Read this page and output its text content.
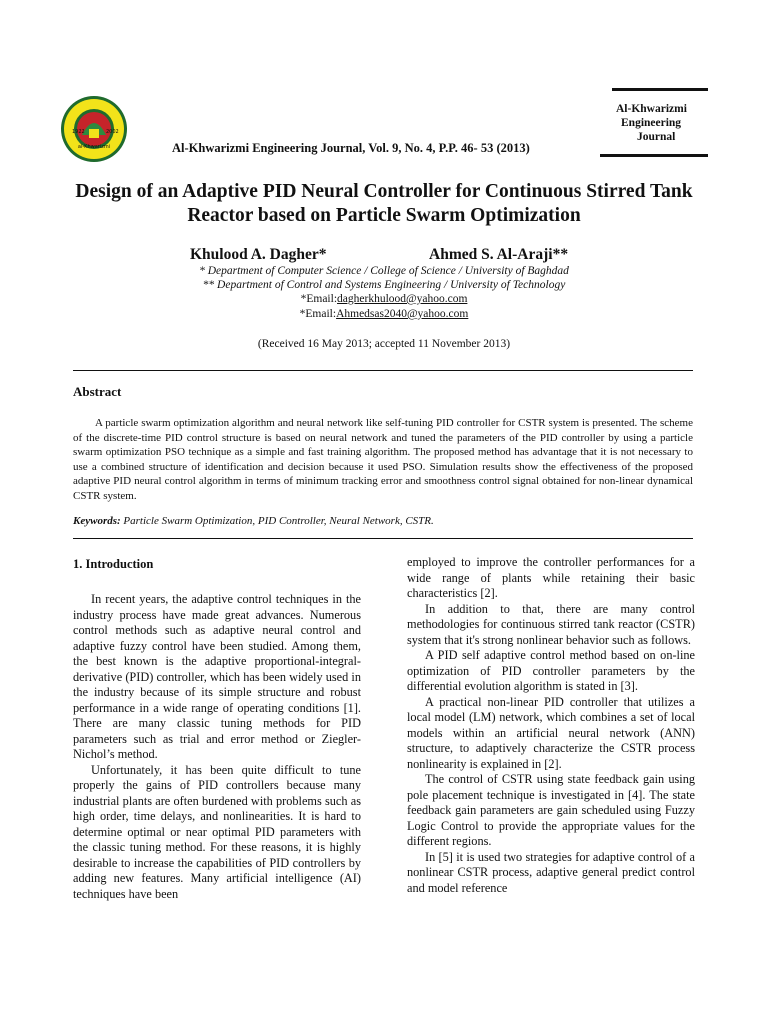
1922	2002
al-Khwarizmi	Al-Khwarizmi Engineering Journal, Vol. 9, No. 4, P.P. 46- 53 (2013)
Al-Khwarizmi
Engineering
Journal
Design of an Adaptive PID Neural Controller for Continuous Stirred Tank Reactor based on Particle Swarm Optimization
Khulood A. Dagher*	Ahmed S. Al-Araji**
* Department of Computer Science / College of Science / University of Baghdad
** Department of Control and Systems Engineering / University of Technology
*Email:dagherkhulood@yahoo.com
*Email:Ahmedsas2040@yahoo.com
(Received 16 May 2013; accepted 11 November 2013)
Abstract

A particle swarm optimization algorithm and neural network like self-tuning PID controller for CSTR system is presented. The scheme of the discrete-time PID control structure is based on neural network and tuned the parameters of the PID controller by using a particle swarm optimization PSO technique as a simple and fast training algorithm. The proposed method has advantage that it is not necessary to use a combined structure of identification and decision because it used PSO. Simulation results show the effectiveness of the proposed adaptive PID neural control algorithm in terms of minimum tracking error and smoothness control signal obtained for non-linear dynamical CSTR system.

Keywords: Particle Swarm Optimization, PID Controller, Neural Network, CSTR.
1. Introduction

In recent years, the adaptive control techniques in the industry process have made great advances. Numerous control methods such as adaptive neural control and adaptive fuzzy control have been studied. Among them, the best known is the adaptive proportional-integral-derivative (PID) controller, which has been widely used in the industry because of its simple structure and robust performance in a wide range of operating conditions [1]. There are many classic tuning methods for PID parameters such as trial and error method or Ziegler-Nichol’s method.

Unfortunately, it has been quite difficult to tune properly the gains of PID controllers because many industrial plants are often burdened with problems such as high order, time delays, and nonlinearities. It is hard to determine optimal or near optimal PID parameters with the classic tuning method. For these reasons, it is highly desirable to increase the capabilities of PID controllers by adding new features. Many artificial intelligence (AI) techniques have been

employed to improve the controller performances for a wide range of plants while retaining their basic characteristics [2].

In addition to that, there are many control methodologies for continuous stirred tank reactor (CSTR) system that it's strong nonlinear behavior such as follows.

A PID self adaptive control method based on on-line optimization of PID controller parameters by the differential evolution algorithm is stated in [3].

A practical non-linear PID controller that utilizes a local model (LM) network, which combines a set of local models within an artificial neural network (ANN) structure, to adaptively characterize the CSTR process nonlinearity is explained in [2].

The control of CSTR using state feedback gain using pole placement technique is investigated in [4]. The state feedback gain parameters are gain scheduled using Fuzzy Logic Control to provide the appropriate values for the different regions.

In [5] it is used two strategies for adaptive control of a nonlinear CSTR process, adaptive general predict control and model reference
